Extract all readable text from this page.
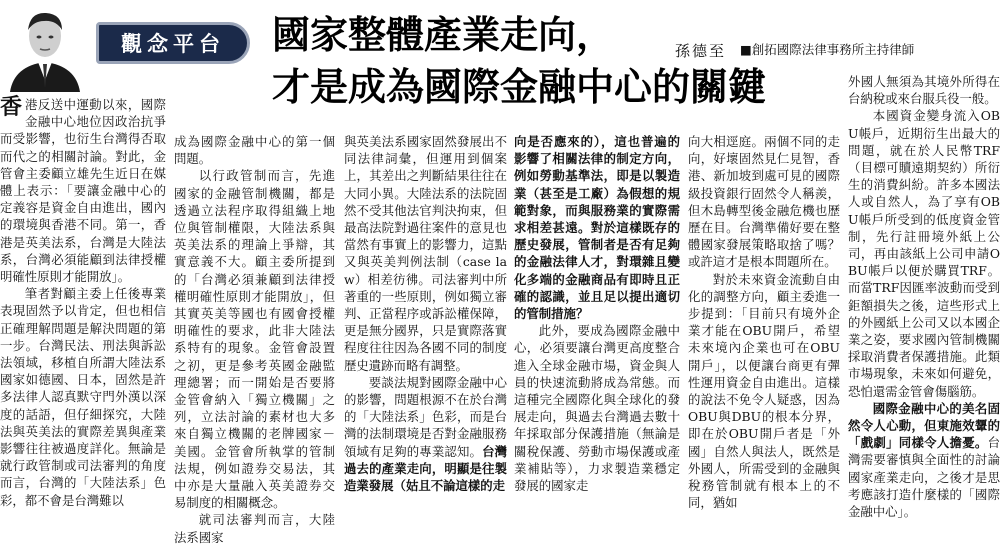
觀念平台	國家整體產業走向，
才是成為國際金融中心的關鍵
孫德至 ■創拓國際法律事務所主持律師

香港反送中運動以來，國際金融中心地位因政治抗爭而受影響，也衍生台灣得否取而代之的相關討論。對此，金管會主委顧立雄先生近日在媒體上表示：「要讓金融中心的定義容是資金自由進出，國內的環境與香港不同。第一，香港是英美法系，台灣是大陸法系，台灣必須能顧到法律授權明確性原則才能開放」。

筆者對顧主委上任後專業表現固然予以肯定，但也相信正確理解問題是解決問題的第一步。台灣民法、刑法與訴訟法領域，移植自所謂大陸法系國家如德國、日本，固然是許多法律人認真默守門外漢以深度的話語，但仔細探究，大陸法與英美法的實際差異與產業影響往往被過度詳化。無論是就行政管制或司法審判的角度而言，台灣的「大陸法系」色彩，都不會是台灣難以

成為國際金融中心的第一個問題。

以行政管制而言，先進國家的金融管制機關，都是透過立法程序取得組織上地位與管制權限，大陸法系與英美法系的理論上爭辯，其實意義不大。顧主委所提到的「台灣必須兼顧到法律授權明確性原則才能開放」，但其實英美等國也有國會授權明確性的要求，此非大陸法系特有的現象。金管會設置之初，更是參考英國金融監理總署；而一開始是否要將金管會納入「獨立機關」之列，立法討論的素材也大多來自獨立機關的老牌國家－美國。金管會所執掌的管制法規，例如證券交易法，其中亦是大量融入英美證券交易制度的相關概念。

就司法審判而言，大陸法系國家

與英美法系國家固然發展出不同法律詞彙，但運用到個案上，其差出之判斷結果往往在大同小異。大陸法系的法院固然不受其他法官判決拘束，但最高法院對過往案件的意見也當然有事實上的影響力，這點又與英美判例法制（case law）相差彷彿。司法審判中所著重的一些原則，例如獨立審判、正當程序或訴訟權保障，更是無分國界，只是實際落實程度往往因為各國不同的制度歷史遺跡而略有調整。

要談法規對國際金融中心的影響，問題根源不在於台灣的「大陸法系」色彩，而是台灣的法制環境是否對金融服務領域有足夠的專業認知。台灣過去的產業走向，明顯是往製造業發展（姑且不論這樣的走

向是否應來的），這也普遍的影響了相關法律的制定方向，例如勞動基準法，即是以製造業（甚至是工廠）為假想的規範對象，而與服務業的實際需求相差甚遠。對於這樣既存的歷史發展，管制者是否有足夠的金融法律人才，對環雜且變化多端的金融商品有即時且正確的認識，並且足以提出適切的管制措施？

此外，要成為國際金融中心，必須要讓台灣更高度整合進入全球金融市場，資金與人員的快速流動將成為常態。而這種完全國際化與全球化的發展走向，與過去台灣過去數十年採取部分保護措施（無論是關稅保護、勞動市場保護或產業補貼等），力求製造業穩定發展的國家走

向大相逕庭。兩個不同的走向，好壞固然見仁見智，香港、新加坡到處可見的國際級投資銀行固然令人稱羨，但木島轉型後金融危機也歷歷在目。台灣準備好要在整體國家發展策略取捨了嗎？或許這才是根本問題所在。

對於未來資金流動自由化的調整方向，顧主委進一步提到：「目前只有境外企業才能在OBU開戶，希望未來境內企業也可在OBU開戶」，以便讓台商更有彈性運用資金自由進出。這樣的說法不免令人疑惑，因為OBU與DBU的根本分界，即在於OBU開戶者是「外國」自然人與法人，既然是外國人，所需受到的金融與稅務管制就有根本上的不同，猶如

外國人無須為其境外所得在台納稅或來台服兵役一般。

本國資金變身流入OBU帳戶，近期衍生出最大的問題，就在於人民幣TRF（目標可贖遠期契約）所衍生的消費糾紛。許多本國法人或自然人，為了享有OBU帳戶所受到的低度資金管制，先行註冊境外紙上公司，再由該紙上公司申請OBU帳戶以便於購買TRF。而當TRF因匯率波動而受到鉅額損失之後，這些形式上的外國紙上公司又以本國企業之姿，要求國內管制機關採取消費者保護措施。此類市場現象，未來如何避免，恐怕還需金管會傷腦筋。

國際金融中心的美名固然令人心動，但東施效顰的「戲劇」同樣令人擔憂。台灣需要審慎與全面性的討論國家產業走向，之後才是思考應該打造什麼樣的「國際金融中心」。
